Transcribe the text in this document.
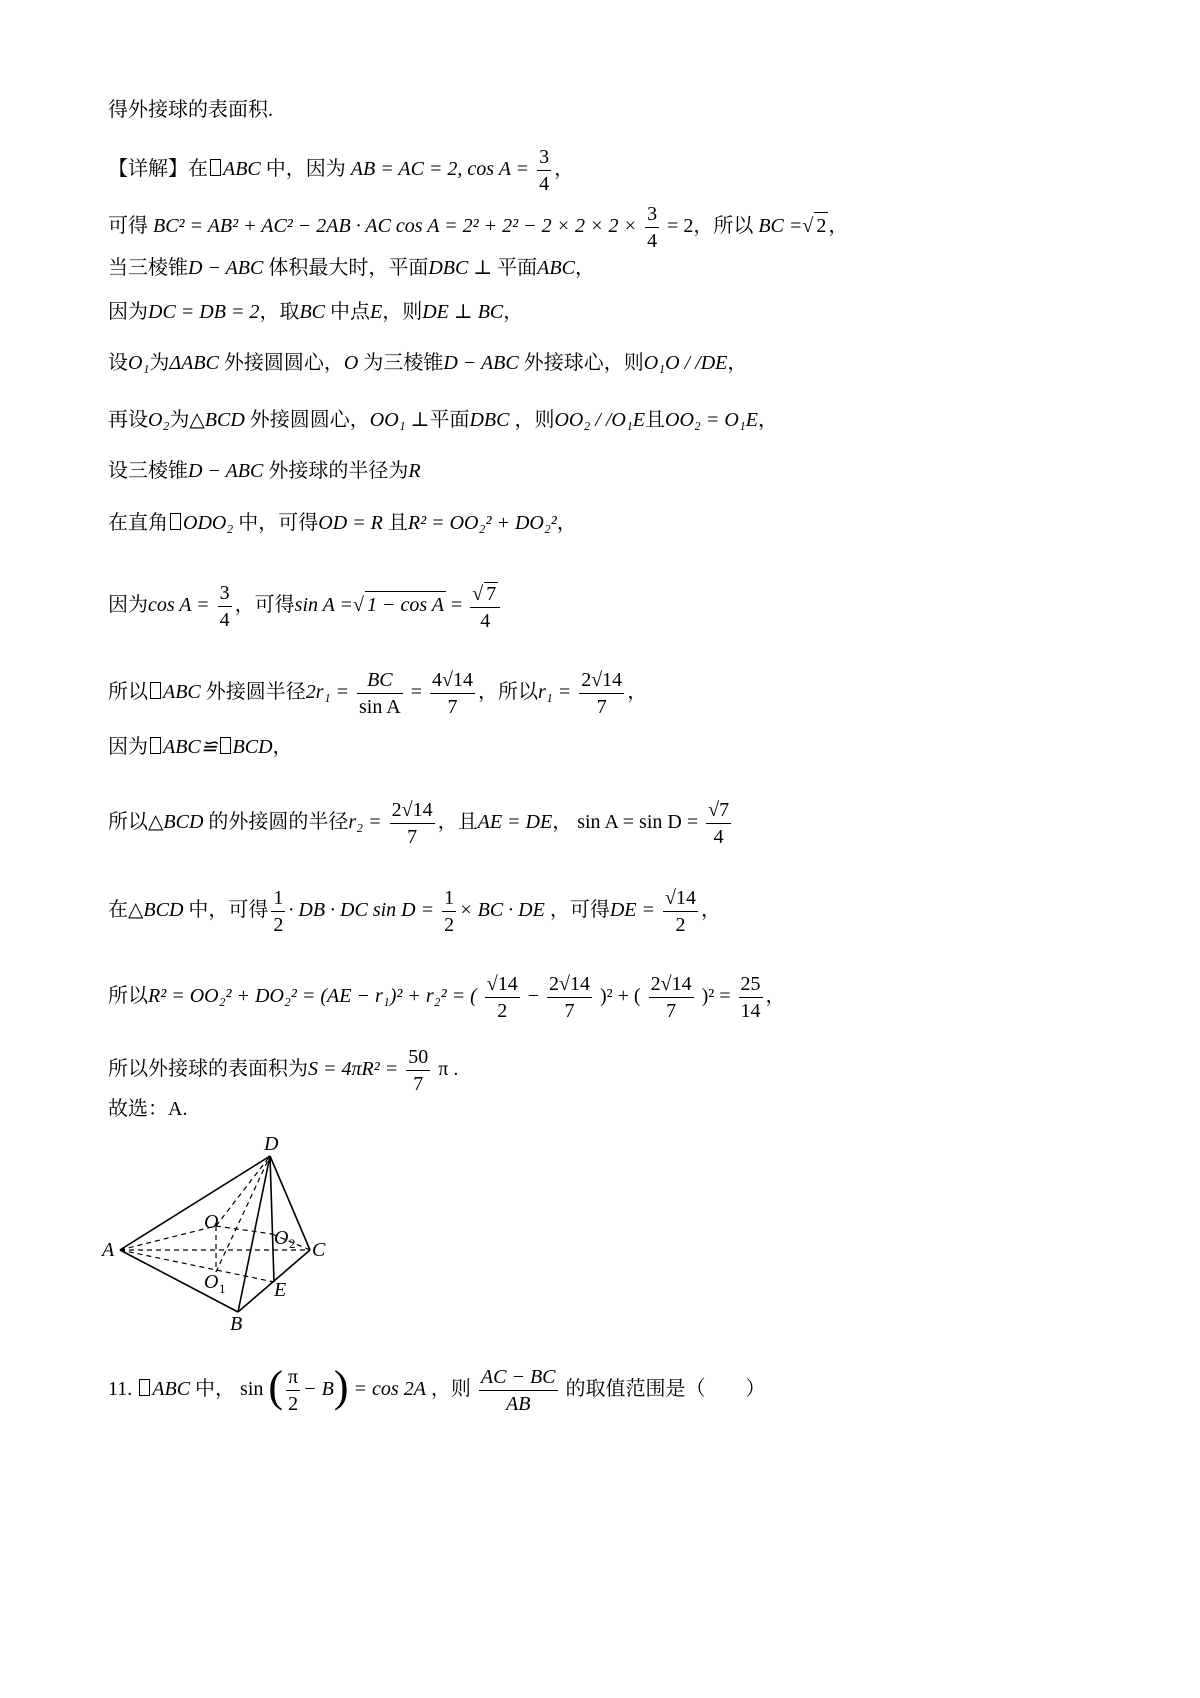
得外接球的表面积.
【详解】在 ABC 中，因为 AB = AC = 2, $\cos A = \frac{3}{4}$ ，
可得 BC² = AB² + AC² − 2AB · AC $\cos A = 2^2 + 2^2 - 2 \times 2 \times 2 \times \frac{3}{4} = 2$，所以 BC =√ 2 ，
当三棱锥D − ABC 体积最大时，平面DBC ⊥ 平面ABC，
因为DC = DB = 2，取BC 中点E，则DE ⊥ BC，
设O₁为ΔABC 外接圆圆心，O 为三棱锥D − ABC 外接球心，则O₁O / /DE，
再设O₂为△BCD 外接圆圆心，OO₁ ⊥平面DBC ，则OO₂ / /O₁E且OO₂ = O₁E，
设三棱锥D − ABC 外接球的半径为R
在直角 ODO₂ 中，可得OD = R 且R² = OO₂² + DO₂²，
因为$\cos A = \frac{3}{4}$ ，可得sin A =√ $1 - \cos A = \frac{√ 7}{4}$
所以 ABC 外接圆半径$2r_1 = \frac{BC}{\text{sin A}} = \frac{4√14}{7}$ ，所以$r_1 = \frac{2√14}{7}$ ，
因为 ABC≌ BCD，
所以△BCD 的外接圆的半径$r_2 = \frac{2√14}{7}$ ，且AE = DE， $\sin A = \sin D = \frac{√7}{4}$
在△BCD 中，可得 $\frac{1}{2}$ · DB · DC $\sin D = \frac{1}{2}$ × BC · DE ，可得DE = $\frac{√14}{2}$ ，
所以R² = OO₂² + DO₂² = (AE − r₁)² + r₂² = ( $\frac{√14}{2} - \frac{2√14}{7} )^2$ + ( $\frac{2√14}{7} )^2 = \frac{25}{14}$ ，
所以外接球的表面积为$S = 4\pi R^2 = \frac{50}{7}$ π .
故选：A.
D
A	C
B
E
O
O 1
O 2
11. ABC 中， sin ( $\frac{\pi}{2} - B) = \cos 2A$ ，则 $\frac{AC - BC}{AB}$ 的取值范围是（　　）
